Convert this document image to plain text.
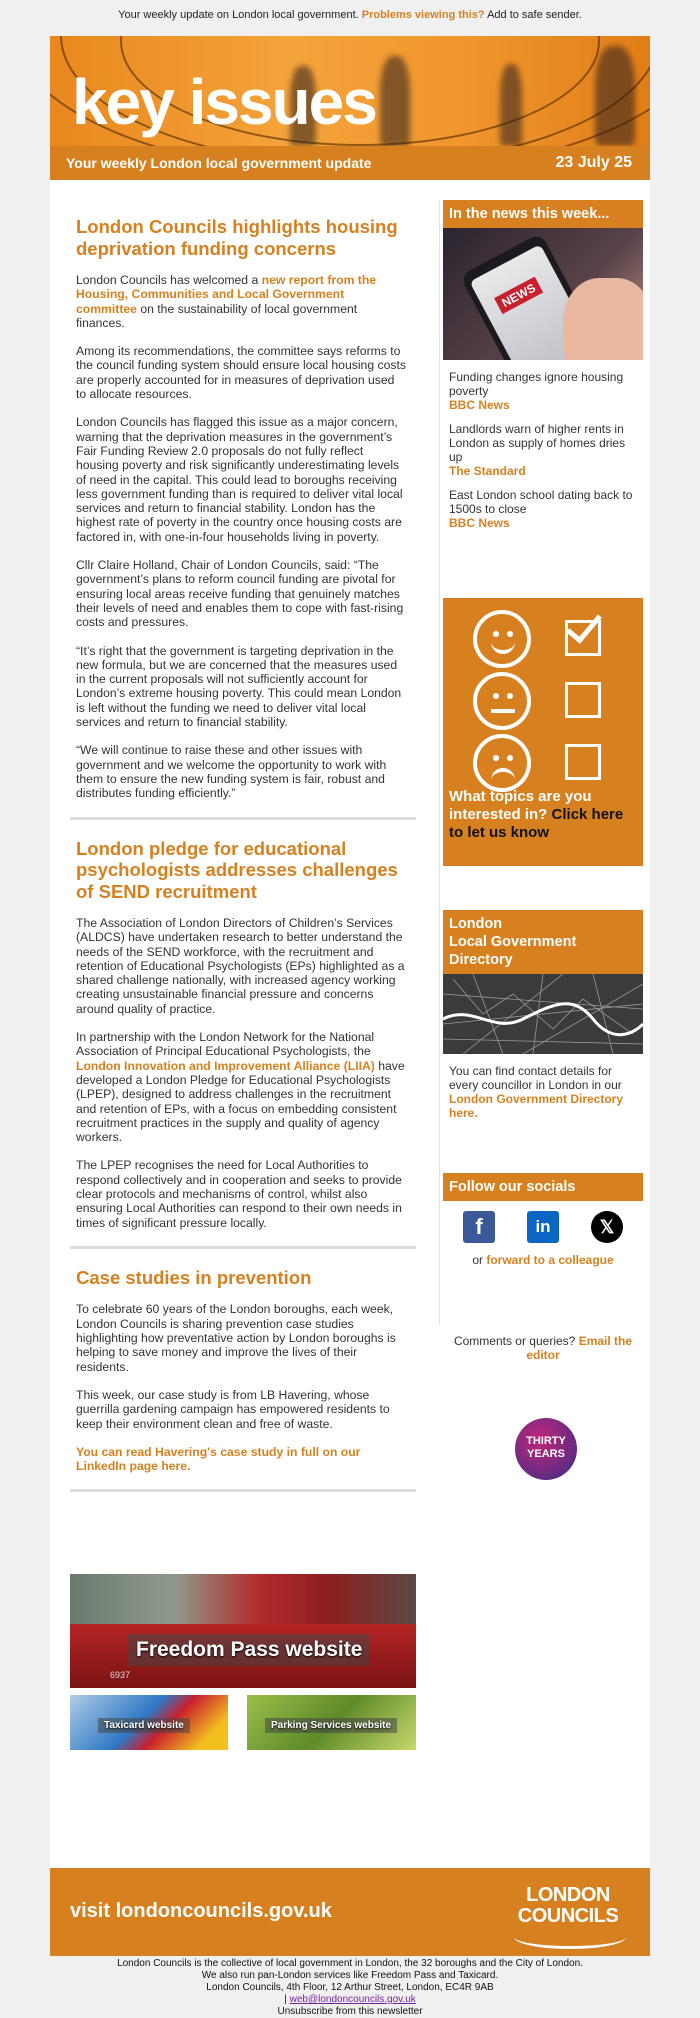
Your weekly update on London local government. Problems viewing this? Add to safe sender.
key issues
Your weekly London local government update	23 July 25
London Councils highlights housing deprivation funding concerns

London Councils has welcomed a new report from the Housing, Communities and Local Government committee on the sustainability of local government finances.

Among its recommendations, the committee says reforms to the council funding system should ensure local housing costs are properly accounted for in measures of deprivation used to allocate resources.

London Councils has flagged this issue as a major concern, warning that the deprivation measures in the government’s Fair Funding Review 2.0 proposals do not fully reflect housing poverty and risk significantly underestimating levels of need in the capital. This could lead to boroughs receiving less government funding than is required to deliver vital local services and return to financial stability. London has the highest rate of poverty in the country once housing costs are factored in, with one-in-four households living in poverty.

Cllr Claire Holland, Chair of London Councils, said: “The government’s plans to reform council funding are pivotal for ensuring local areas receive funding that genuinely matches their levels of need and enables them to cope with fast-rising costs and pressures.

“It’s right that the government is targeting deprivation in the new formula, but we are concerned that the measures used in the current proposals will not sufficiently account for London’s extreme housing poverty. This could mean London is left without the funding we need to deliver vital local services and return to financial stability.

“We will continue to raise these and other issues with government and we welcome the opportunity to work with them to ensure the new funding system is fair, robust and distributes funding efficiently.”

London pledge for educational psychologists addresses challenges of SEND recruitment

The Association of London Directors of Children’s Services (ALDCS) have undertaken research to better understand the needs of the SEND workforce, with the recruitment and retention of Educational Psychologists (EPs) highlighted as a shared challenge nationally, with increased agency working creating unsustainable financial pressure and concerns around quality of practice.

In partnership with the London Network for the National Association of Principal Educational Psychologists, the London Innovation and Improvement Alliance (LIIA) have developed a London Pledge for Educational Psychologists (LPEP), designed to address challenges in the recruitment and retention of EPs, with a focus on embedding consistent recruitment practices in the supply and quality of agency workers.

The LPEP recognises the need for Local Authorities to respond collectively and in cooperation and seeks to provide clear protocols and mechanisms of control, whilst also ensuring Local Authorities can respond to their own needs in times of significant pressure locally.

Case studies in prevention

To celebrate 60 years of the London boroughs, each week, London Councils is sharing prevention case studies highlighting how preventative action by London boroughs is helping to save money and improve the lives of their residents.

This week, our case study is from LB Havering, whose guerrilla gardening campaign has empowered residents to keep their environment clean and free of waste.

You can read Havering's case study in full on our LinkedIn page here.

6937
Freedom Pass website
Taxicard website	Parking Services website
In the news this week...
NEWS
Funding changes ignore housing poverty
BBC News
Landlords warn of higher rents in London as supply of homes dries up
The Standard
East London school dating back to 1500s to close
BBC News
What topics are you interested in? Click here to let us know
London
Local Government Directory

You can find contact details for every councillor in London in our London Government Directory here.

Follow our socials
f	in	𝕏
or forward to a colleague
Comments or queries? Email the editor
THIRTY
YEARS
visit londoncouncils.gov.uk
LONDON
COUNCILS
London Councils is the collective of local government in London, the 32 boroughs and the City of London.
We also run pan-London services like Freedom Pass and Taxicard.
London Councils, 4th Floor, 12 Arthur Street, London, EC4R 9AB
| web@londoncouncils.gov.uk
Unsubscribe from this newsletter
